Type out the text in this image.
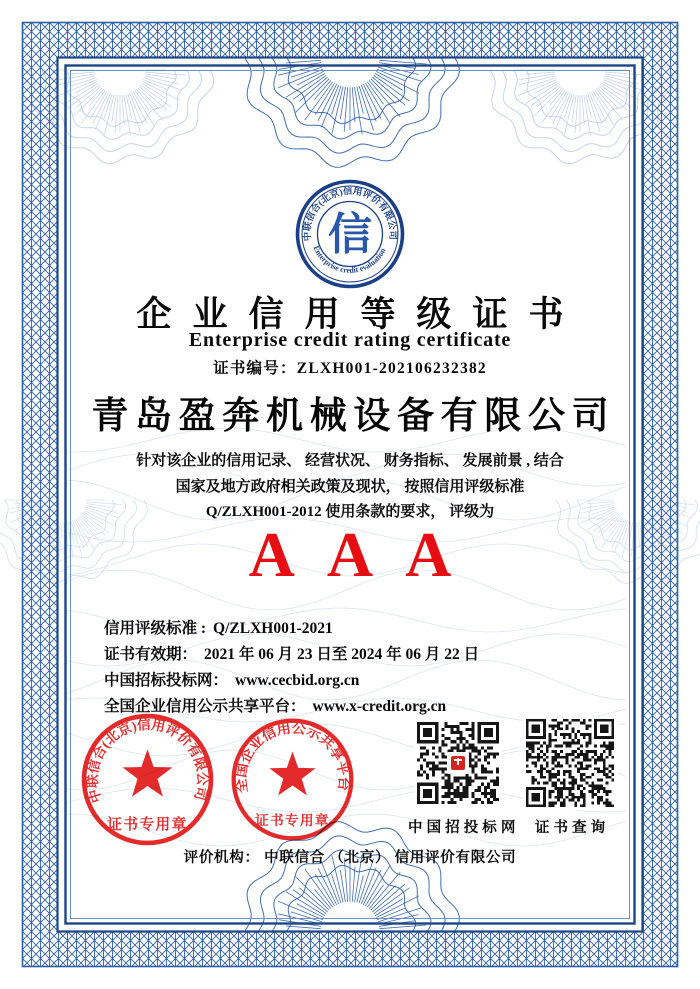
中联信合(北京)信用评价有限公司
Enterprise credit evaluation
信
企业信用等级证书
Enterprise credit rating certificate
证书编号：ZLXH001-202106232382
青岛盈奔机械设备有限公司
针对该企业的信用记录、 经营状况、 财务指标、 发展前景 , 结合
国家及地方政府相关政策及现状， 按照信用评级标准
Q/ZLXH001-2012 使用条款的要求， 评级为
AAA
信用评级标准 : Q/ZLXH001-2021
证书有效期： 2021 年 06 月 23 日至 2024 年 06 月 22 日
中国招标投标网： www.cecbid.org.cn
全国企业信用公示共享平台： www.x-credit.org.cn
中联信合(北京)信用评价有限公司
证书专用章
全国企业信用公示共享平台
证书专用章	中国招投标网	证书查询
评价机构： 中联信合 （北京） 信用评价有限公司
